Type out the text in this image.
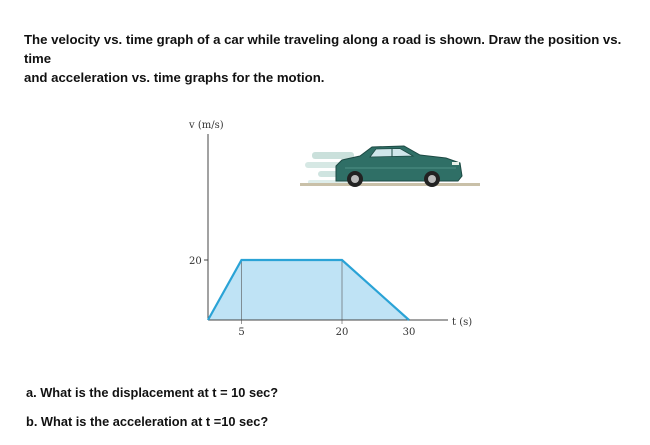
The velocity vs. time graph of a car while traveling along a road is shown. Draw the position vs. time
and acceleration vs. time graphs for the motion.

v (m/s)
t (s)
20
5	20	30

a. What is the displacement at t = 10 sec?

b. What is the acceleration at t =10 sec?
